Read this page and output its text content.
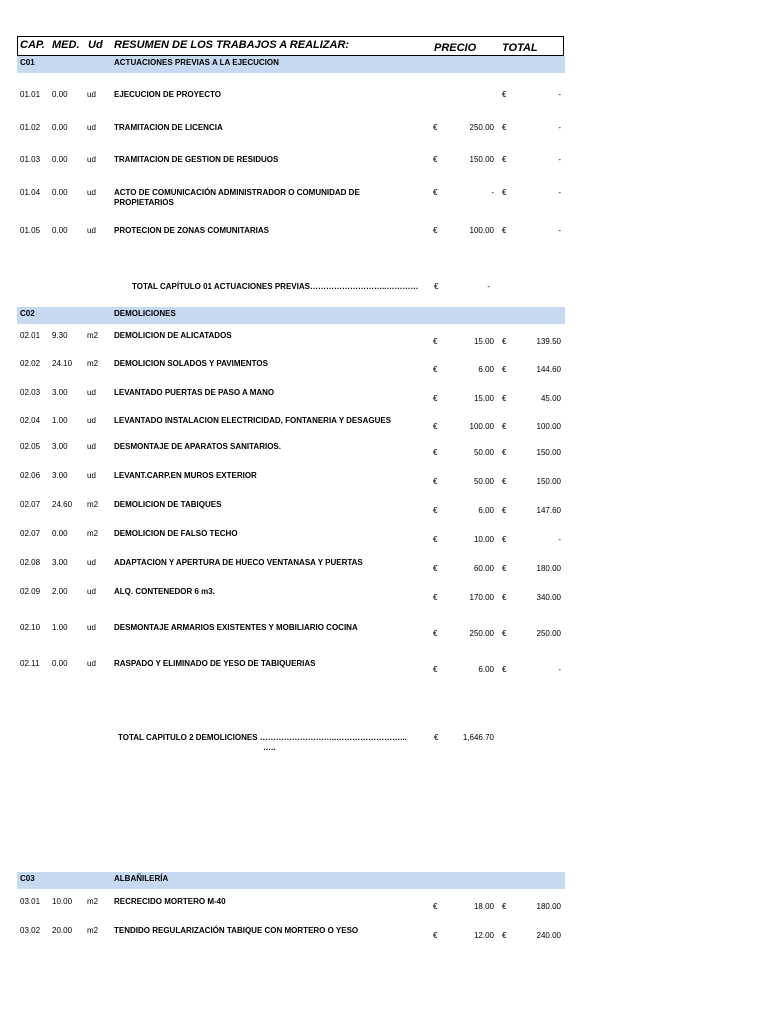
CAP. MED. Ud RESUMEN DE LOS TRABAJOS A REALIZAR:	PRECIO TOTAL
C01	ACTUACIONES PREVIAS A LA EJECUCION
01.01 0.00 ud EJECUCION DE PROYECTO	€	-
01.02 0.00 ud TRAMITACION DE LICENCIA	€	250.00 €	-
01.03 0.00 ud TRAMITACION DE GESTION DE RESIDUOS	€	150.00 €	-
01.04 0.00 ud ACTO DE COMUNICACIÓN ADMINISTRADOR O COMUNIDAD DE PROPIETARIOS
€	- €	-
01.05 0.00 ud PROTECION DE ZONAS COMUNITARIAS	€	100.00 €	-
TOTAL CAPÍTULO 01 ACTUACIONES PREVIAS………………………..………… €	-
C02	DEMOLICIONES
02.01 9.30 m2 DEMOLICION DE ALICATADOS
€	15.00 €	139.50
02.02 24.10 m2 DEMOLICION SOLADOS Y PAVIMENTOS
€	6.00 €	144.60
02.03 3.00 ud LEVANTADO PUERTAS DE PASO A MANO
€	15.00 €	45.00
02.04 1.00 ud LEVANTADO INSTALACION ELECTRICIDAD, FONTANERIA Y DESAGUES
€	100.00 €	100.00
02.05 3.00 ud DESMONTAJE DE APARATOS SANITARIOS.
€	50.00 €	150.00
02.06 3.00 ud LEVANT.CARP.EN MUROS EXTERIOR
€	50.00 €	150.00
02.07 24.60 m2 DEMOLICION DE TABIQUES
€	6.00 €	147.60
02.07 0.00 m2 DEMOLICION DE FALSO TECHO
€	10.00 €	-
02.08 3.00 ud ADAPTACION Y APERTURA DE HUECO VENTANASA Y PUERTAS
€	60.00 €	180.00
02.09 2.00 ud ALQ. CONTENEDOR 6 m3.
€	170.00 €	340.00
02.10 1.00 ud DESMONTAJE ARMARIOS EXISTENTES Y MOBILIARIO COCINA
€	250.00 €	250.00
02.11 0.00 ud RASPADO Y ELIMINADO DE YESO DE TABIQUERIAS
€	6.00 €	-
TOTAL CAPITULO 2 DEMOLICIONES ………………………..……………………...
…..
€	1,646.70
C03	ALBAÑILERÍA
03.01 10.00 m2 RECRECIDO MORTERO M-40
€	18.00 €	180.00
03.02 20.00 m2 TENDIDO REGULARIZACIÓN TABIQUE CON MORTERO O YESO
€	12.00 €	240.00
